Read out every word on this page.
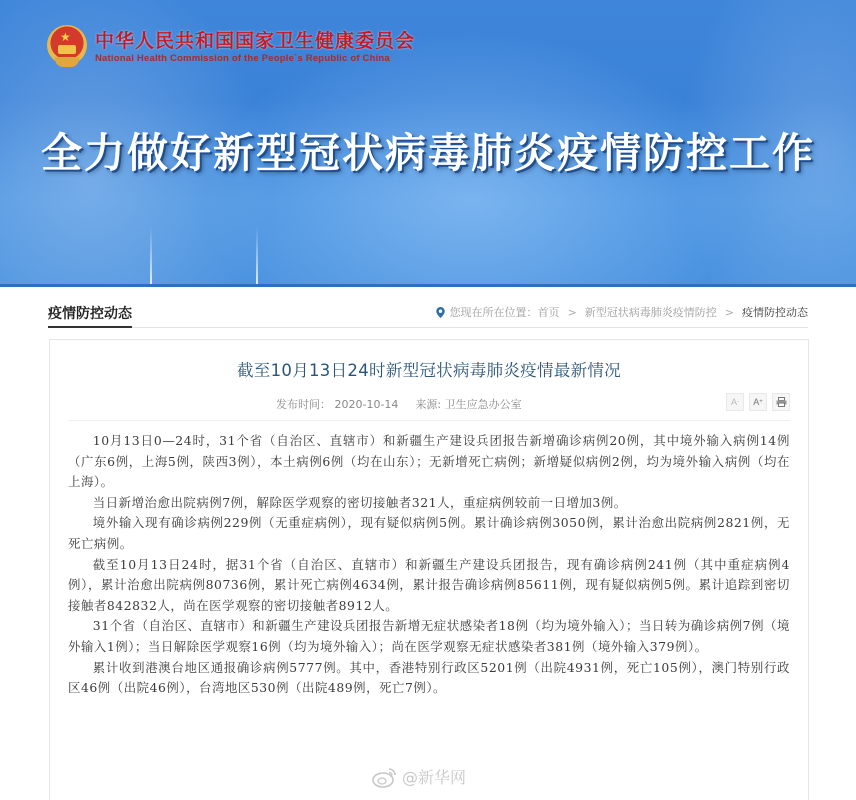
★ 中华人民共和国国家卫生健康委员会
National Health Commission of the People`s Republic of China
全力做好新型冠状病毒肺炎疫情防控工作
疫情防控动态	您现在所在位置： 首页 > 新型冠状病毒肺炎疫情防控 > 疫情防控动态
截至10月13日24时新型冠状病毒肺炎疫情最新情况
发布时间： 2020-10-14 来源: 卫生应急办公室	A - A +

10月13日0—24时，31个省（自治区、直辖市）和新疆生产建设兵团报告新增确诊病例20例，其中境外输入病例14例（广东6例，上海5例，陕西3例），本土病例6例（均在山东）；无新增死亡病例；新增疑似病例2例，均为境外输入病例（均在上海）。

当日新增治愈出院病例7例，解除医学观察的密切接触者321人，重症病例较前一日增加3例。

境外输入现有确诊病例229例（无重症病例），现有疑似病例5例。累计确诊病例3050例，累计治愈出院病例2821例，无死亡病例。

截至10月13日24时，据31个省（自治区、直辖市）和新疆生产建设兵团报告，现有确诊病例241例（其中重症病例4例），累计治愈出院病例80736例，累计死亡病例4634例，累计报告确诊病例85611例，现有疑似病例5例。累计追踪到密切接触者842832人，尚在医学观察的密切接触者8912人。

31个省（自治区、直辖市）和新疆生产建设兵团报告新增无症状感染者18例（均为境外输入）；当日转为确诊病例7例（境外输入1例）；当日解除医学观察16例（均为境外输入）；尚在医学观察无症状感染者381例（境外输入379例）。

累计收到港澳台地区通报确诊病例5777例。其中，香港特别行政区5201例（出院4931例，死亡105例），澳门特别行政区46例（出院46例），台湾地区530例（出院489例，死亡7例）。

@新华网
